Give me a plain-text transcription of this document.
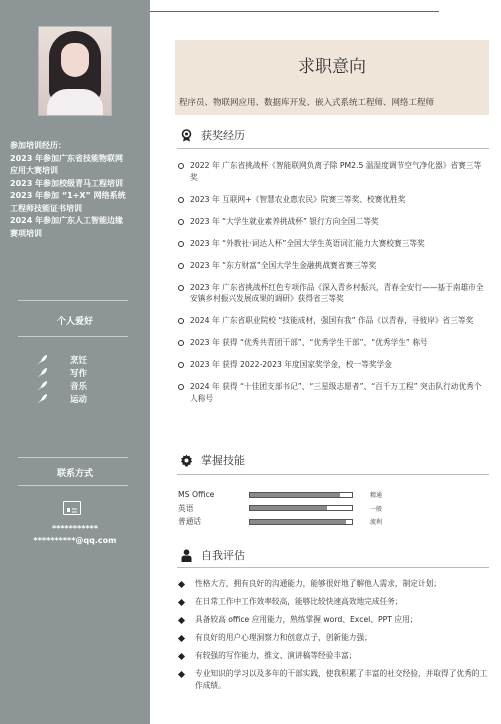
参加培训经历：
2023 年参加广东省技能物联网
应用大赛培训
2023 年参加校级青马工程培训
2023 年参加 “1+X” 网络系统
工程师技能证书培训
2024 年参加广东人工智能边缘
赛项培训
个人爱好
烹饪
写作
音乐
运动
联系方式
***********
**********@qq.com
求职意向
程序员、物联网应用、数据库开发、嵌入式系统工程师、网络工程师
获奖经历
2022 年 广东省挑战杯《智能联网负离子除 PM2.5 温湿度调节空气净化器》省赛三等奖
2023 年 互联网+《智慧农业惠农民》院赛三等奖、校赛优胜奖
2023 年 “大学生就业素养挑战杯” 银行方向全国二等奖
2023 年 “外教社·词达人杯”全国大学生英语词汇能力大赛校赛三等奖
2023 年 “东方财富”全国大学生金融挑战赛省赛三等奖
2023 年 广东省挑战杯红色专项作品《深入青乡村振兴，青春全安行——基于南雄市全安镇乡村振兴发展成果的调研》获得省三等奖
2024 年 广东省职业院校 “技能成材，强国有我” 作品《以青春，寻彼岸》省三等奖
2023 年 获得 “优秀共青团干部”、“优秀学生干部”、“优秀学生” 称号
2023 年 获得 2022-2023 年度国家奖学金，校一等奖学金
2024 年 获得 “十佳团支部书记”、“三星级志愿者”、“百千万工程” 突击队行动优秀个人称号
掌握技能
MS Office	精通
英语	一般
普通话	流利
自我评估
性格大方，拥有良好的沟通能力，能够很好地了解他人需求，制定计划；
在日常工作中工作效率较高，能够比较快速高效地完成任务；
具备较高 office 应用能力，熟练掌握 word、Excel、PPT 应用；
有良好的用户心理洞察力和创意点子，创新能力强；
有较强的写作能力，推文、演讲稿等经验丰富；
专业知识的学习以及多年的干部实践，使我积累了丰富的社交经验，并取得了优秀的工作成绩。
